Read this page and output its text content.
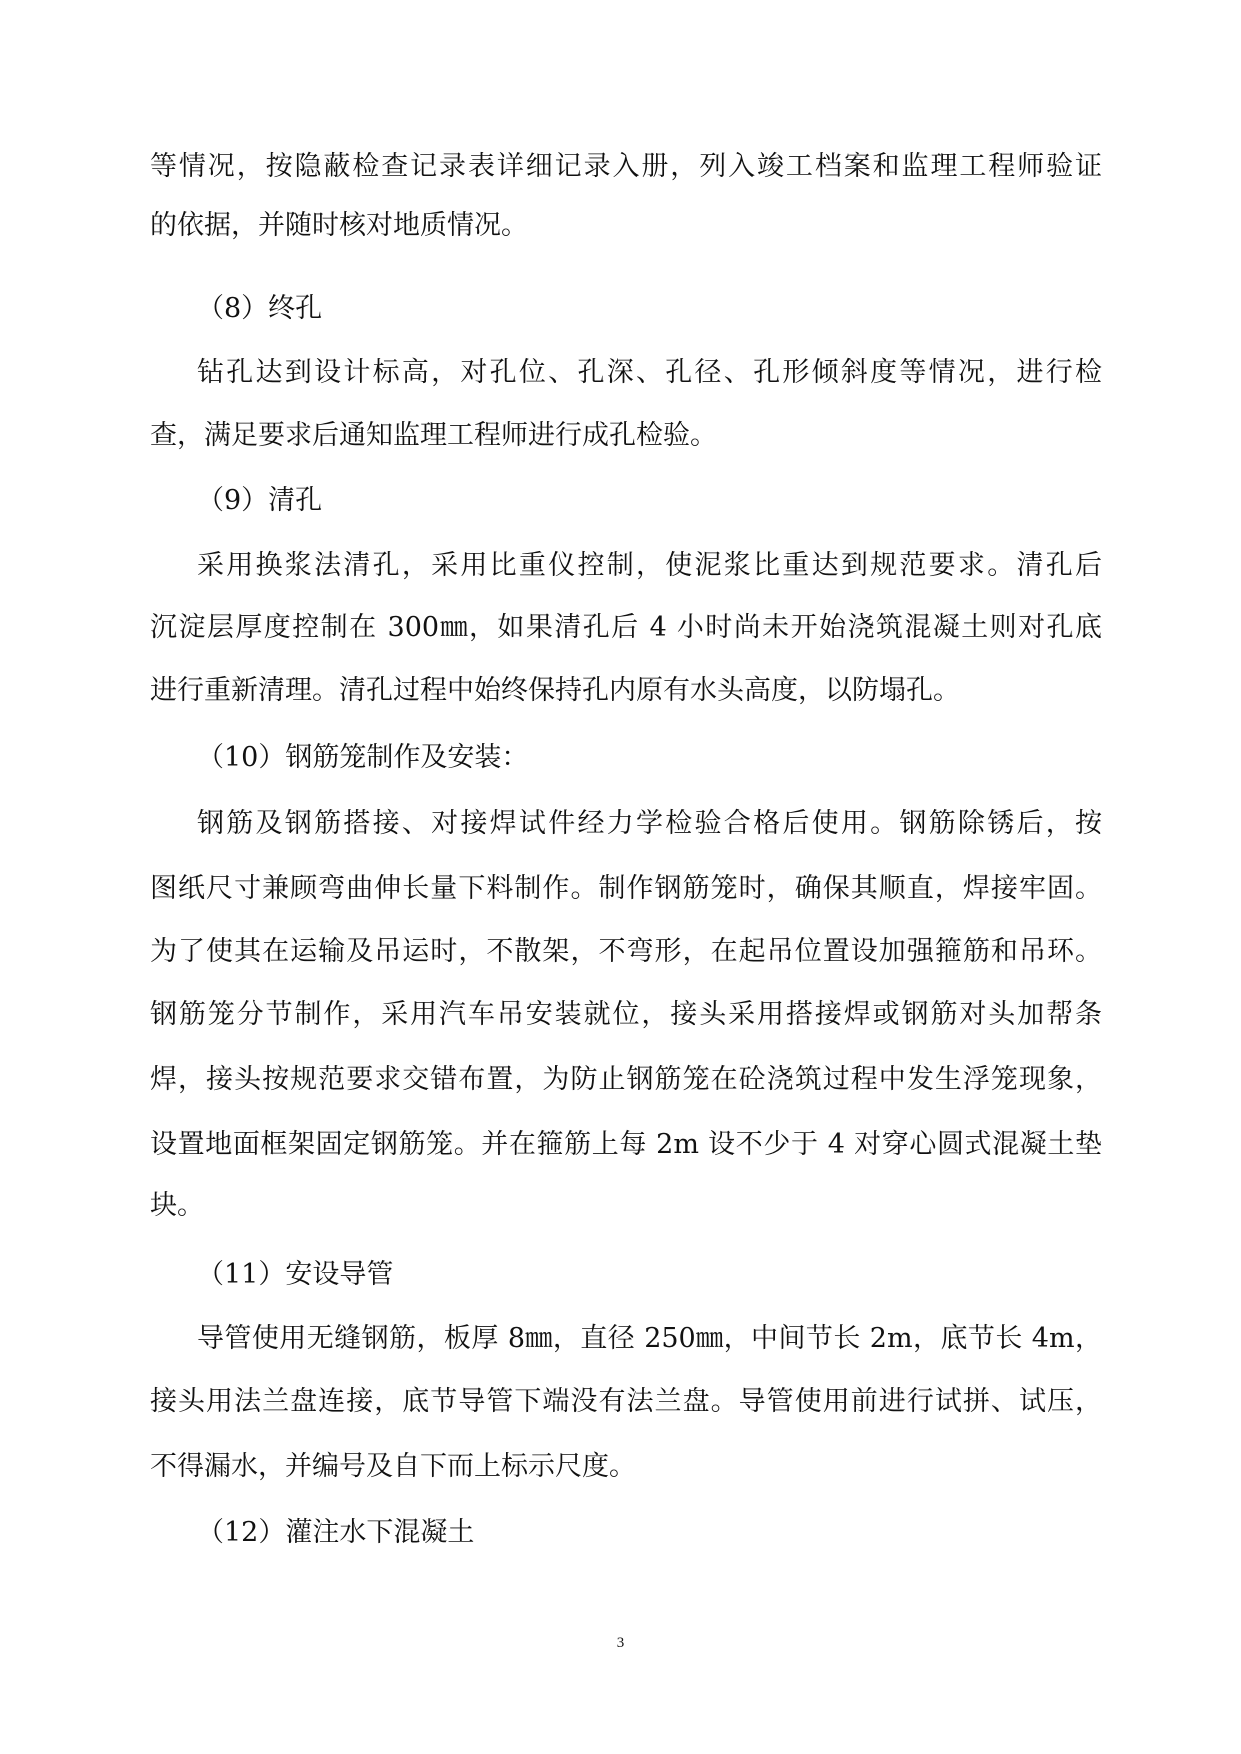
等情况，按隐蔽检查记录表详细记录入册，列入竣工档案和监理工程师验证
的依据，并随时核对地质情况。
（8）终孔
钻孔达到设计标高，对孔位、孔深、孔径、孔形倾斜度等情况，进行检
查，满足要求后通知监理工程师进行成孔检验。
（9）清孔
采用换浆法清孔，采用比重仪控制，使泥浆比重达到规范要求。清孔后
沉淀层厚度控制在 300㎜，如果清孔后 4 小时尚未开始浇筑混凝土则对孔底
进行重新清理。清孔过程中始终保持孔内原有水头高度，以防塌孔。
（10）钢筋笼制作及安装：
钢筋及钢筋搭接、对接焊试件经力学检验合格后使用。钢筋除锈后，按
图纸尺寸兼顾弯曲伸长量下料制作。制作钢筋笼时，确保其顺直，焊接牢固。
为了使其在运输及吊运时，不散架，不弯形，在起吊位置设加强箍筋和吊环。
钢筋笼分节制作，采用汽车吊安装就位，接头采用搭接焊或钢筋对头加帮条
焊，接头按规范要求交错布置，为防止钢筋笼在砼浇筑过程中发生浮笼现象，
设置地面框架固定钢筋笼。并在箍筋上每 2m 设不少于 4 对穿心圆式混凝土垫
块。
（11）安设导管
导管使用无缝钢筋，板厚 8㎜，直径 250㎜，中间节长 2m，底节长 4m，
接头用法兰盘连接，底节导管下端没有法兰盘。导管使用前进行试拼、试压，
不得漏水，并编号及自下而上标示尺度。
（12）灌注水下混凝土
3
